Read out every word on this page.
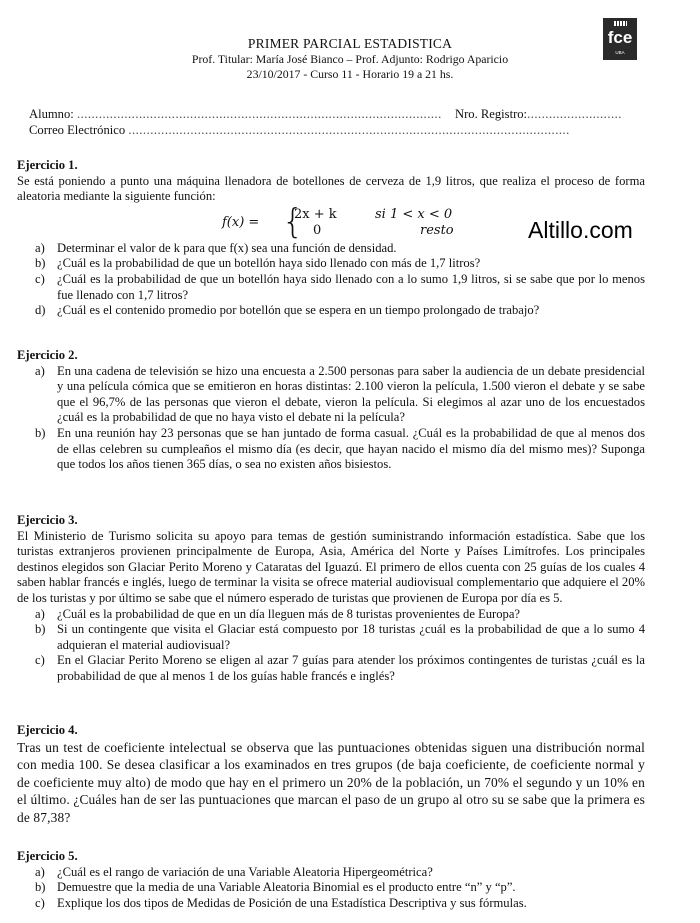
PRIMER PARCIAL ESTADISTICA
Prof. Titular: María José Bianco – Prof. Adjunto: Rodrigo Aparicio
23/10/2017 - Curso 11 - Horario 19 a 21 hs.
fce
UBA
Alumno: .................................................................................................... Nro. Registro:..........................
Correo Electrónico .........................................................................................................................
Altillo.com
Ejercicio 1.
Se está poniendo a punto una máquina llenadora de botellones de cerveza de 1,9 litros, que realiza el proceso de forma aleatoria mediante la siguiente función:
f(x) = {
2x + k
0
si 1 < x < 0
resto
a) Determinar el valor de k para que f(x) sea una función de densidad.
b) ¿Cuál es la probabilidad de que un botellón haya sido llenado con más de 1,7 litros?
c) ¿Cuál es la probabilidad de que un botellón haya sido llenado con a lo sumo 1,9 litros, si se sabe que por lo menos fue llenado con 1,7 litros?
d) ¿Cuál es el contenido promedio por botellón que se espera en un tiempo prolongado de trabajo?
Ejercicio 2.
a) En una cadena de televisión se hizo una encuesta a 2.500 personas para saber la audiencia de un debate presidencial y una película cómica que se emitieron en horas distintas: 2.100 vieron la película, 1.500 vieron el debate y se sabe que el 96,7% de las personas que vieron el debate, vieron la película. Si elegimos al azar uno de los encuestados ¿cuál es la probabilidad de que no haya visto el debate ni la película?
b) En una reunión hay 23 personas que se han juntado de forma casual. ¿Cuál es la probabilidad de que al menos dos de ellas celebren su cumpleaños el mismo día (es decir, que hayan nacido el mismo día del mismo mes)? Suponga que todos los años tienen 365 días, o sea no existen años bisiestos.
Ejercicio 3.
El Ministerio de Turismo solicita su apoyo para temas de gestión suministrando información estadística. Sabe que los turistas extranjeros provienen principalmente de Europa, Asia, América del Norte y Países Limítrofes. Los principales destinos elegidos son Glaciar Perito Moreno y Cataratas del Iguazú. El primero de ellos cuenta con 25 guías de los cuales 4 saben hablar francés e inglés, luego de terminar la visita se ofrece material audiovisual complementario que adquiere el 20% de los turistas y por último se sabe que el número esperado de turistas que provienen de Europa por día es 5.
a) ¿Cuál es la probabilidad de que en un día lleguen más de 8 turistas provenientes de Europa?
b) Si un contingente que visita el Glaciar está compuesto por 18 turistas ¿cuál es la probabilidad de que a lo sumo 4 adquieran el material audiovisual?
c) En el Glaciar Perito Moreno se eligen al azar 7 guías para atender los próximos contingentes de turistas ¿cuál es la probabilidad de que al menos 1 de los guías hable francés e inglés?
Ejercicio 4.
Tras un test de coeficiente intelectual se observa que las puntuaciones obtenidas siguen una distribución normal con media 100. Se desea clasificar a los examinados en tres grupos (de baja coeficiente, de coeficiente normal y de coeficiente muy alto) de modo que hay en el primero un 20% de la población, un 70% el segundo y un 10% en el último. ¿Cuáles han de ser las puntuaciones que marcan el paso de un grupo al otro su se sabe que la primera es de 87,38?
Ejercicio 5.
a) ¿Cuál es el rango de variación de una Variable Aleatoria Hipergeométrica?
b) Demuestre que la media de una Variable Aleatoria Binomial es el producto entre “n” y “p”.
c) Explique los dos tipos de Medidas de Posición de una Estadística Descriptiva y sus fórmulas.
